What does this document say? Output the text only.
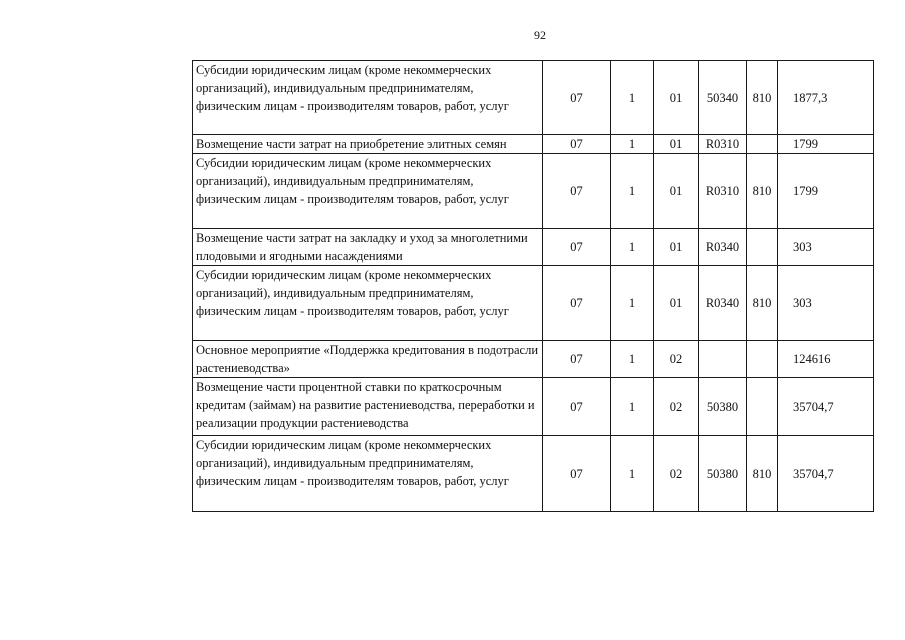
92
Субсидии юридическим лицам (кроме некоммерческих организаций), индивидуальным предпринимателям, физическим лицам - производителям товаров, работ, услуг	07	1	01	50340	810	1877,3

Возмещение части затрат на приобретение элитных семян	07	1	01	R0310		1799

Субсидии юридическим лицам (кроме некоммерческих организаций), индивидуальным предпринимателям, физическим лицам - производителям товаров, работ, услуг	07	1	01	R0310	810	1799

Возмещение части затрат на закладку и уход за многолетними плодовыми и ягодными насаждениями	07	1	01	R0340		303

Субсидии юридическим лицам (кроме некоммерческих организаций), индивидуальным предпринимателям, физическим лицам - производителям товаров, работ, услуг	07	1	01	R0340	810	303

Основное мероприятие «Поддержка кредитования в подотрасли растениеводства»	07	1	02			124616

Возмещение части процентной ставки по краткосрочным кредитам (займам) на развитие растениеводства, переработки и реализации продукции растениеводства	07	1	02	50380		35704,7

Субсидии юридическим лицам (кроме некоммерческих организаций), индивидуальным предпринимателям, физическим лицам - производителям товаров, работ, услуг	07	1	02	50380	810	35704,7
